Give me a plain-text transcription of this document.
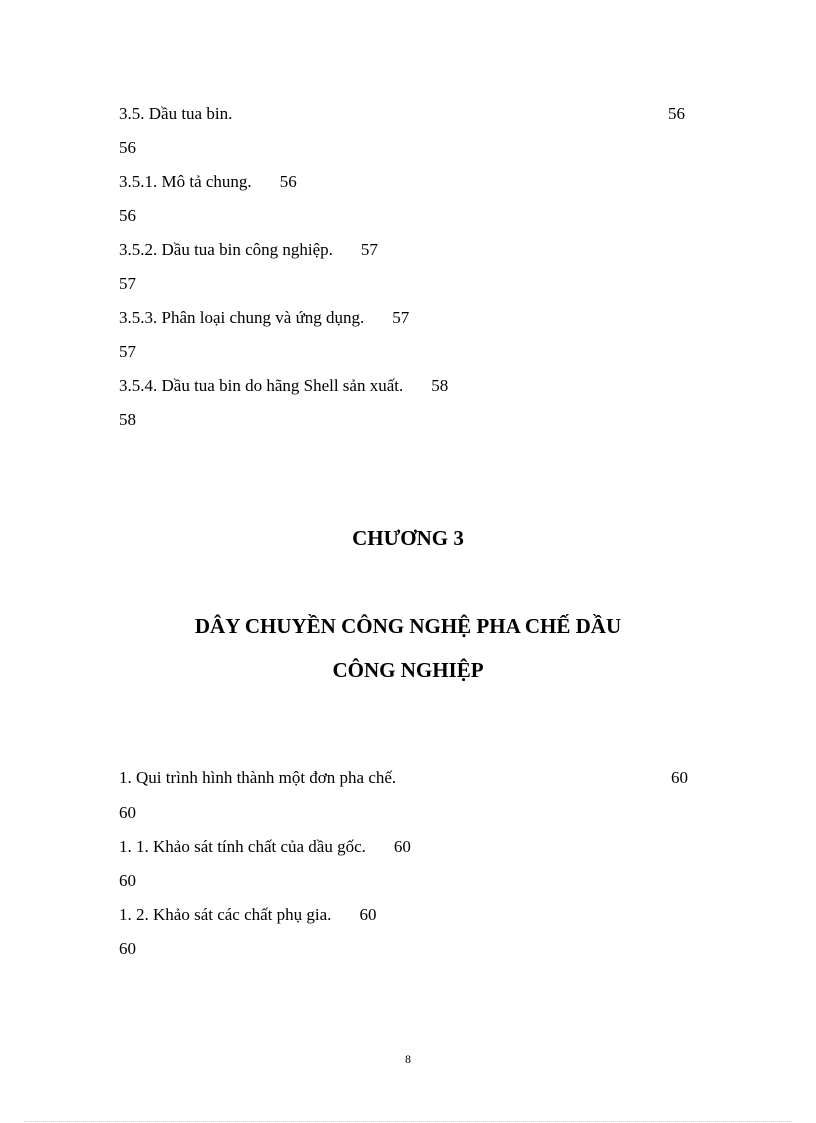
3.5. Dầu tua bin.	56
56
3.5.1. Mô tả chung. 56
56
3.5.2. Dầu tua bin công nghiệp. 57
57
3.5.3. Phân loại chung và ứng dụng. 57
57
3.5.4. Dầu tua bin do hãng Shell sản xuất. 58
58
CHƯƠNG 3
DÂY CHUYỀN CÔNG NGHỆ PHA CHẾ DẦU
CÔNG NGHIỆP
1. Qui trình hình thành một đơn pha chế.	60
60
1. 1. Khảo sát tính chất của dầu gốc. 60
60
1. 2. Khảo sát các chất phụ gia. 60
60
8
